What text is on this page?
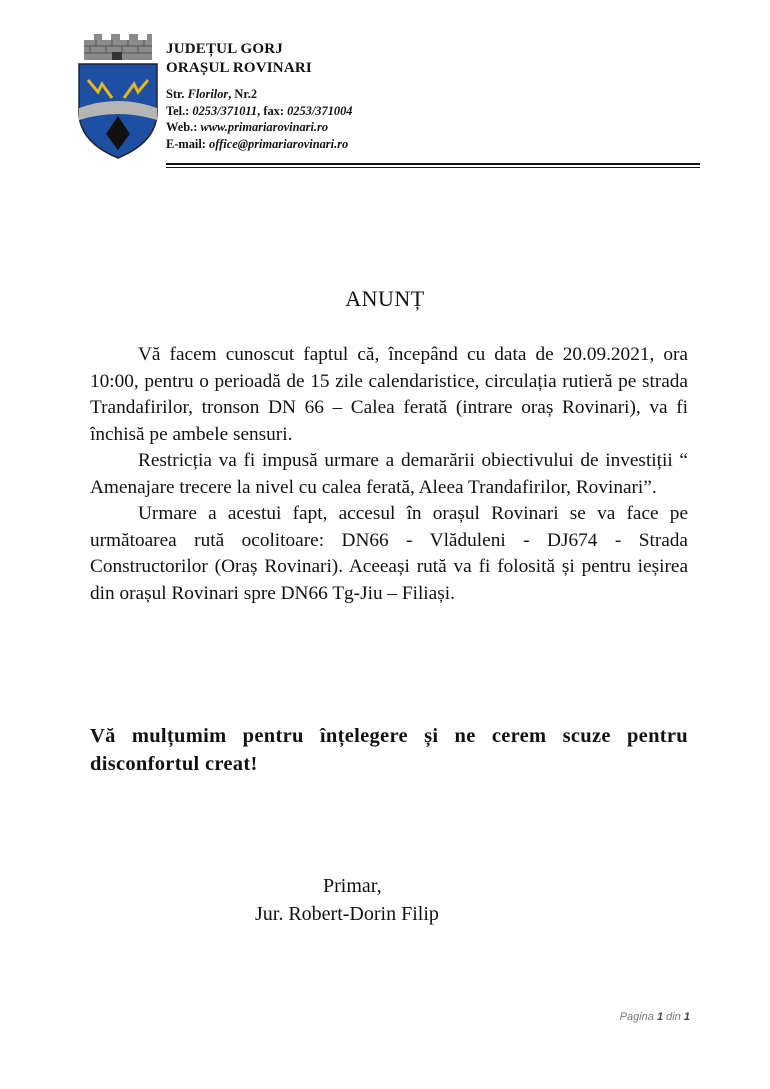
JUDEȚUL GORJ
ORAȘUL ROVINARI
Str. Florilor, Nr.2
Tel.: 0253/371011, fax: 0253/371004
Web.: www.primariarovinari.ro
E-mail: office@primariarovinari.ro
ANUNȚ

Vă facem cunoscut faptul că, începând cu data de 20.09.2021, ora 10:00, pentru o perioadă de 15 zile calendaristice, circulația rutieră pe strada Trandafirilor, tronson DN 66 – Calea ferată (intrare oraș Rovinari), va fi închisă pe ambele sensuri.

Restricția va fi impusă urmare a demarării obiectivului de investiții “ Amenajare trecere la nivel cu calea ferată, Aleea Trandafirilor, Rovinari”.

Urmare a acestui fapt, accesul în orașul Rovinari se va face pe următoarea rută ocolitoare: DN66 - Vlăduleni - DJ674 - Strada Constructorilor (Oraș Rovinari). Aceeași rută va fi folosită și pentru ieșirea din orașul Rovinari spre DN66 Tg-Jiu – Filiași.

Vă mulțumim pentru înțelegere și ne cerem scuze pentru disconfortul creat!
Primar,
Jur. Robert-Dorin Filip
Pagina 1 din 1
